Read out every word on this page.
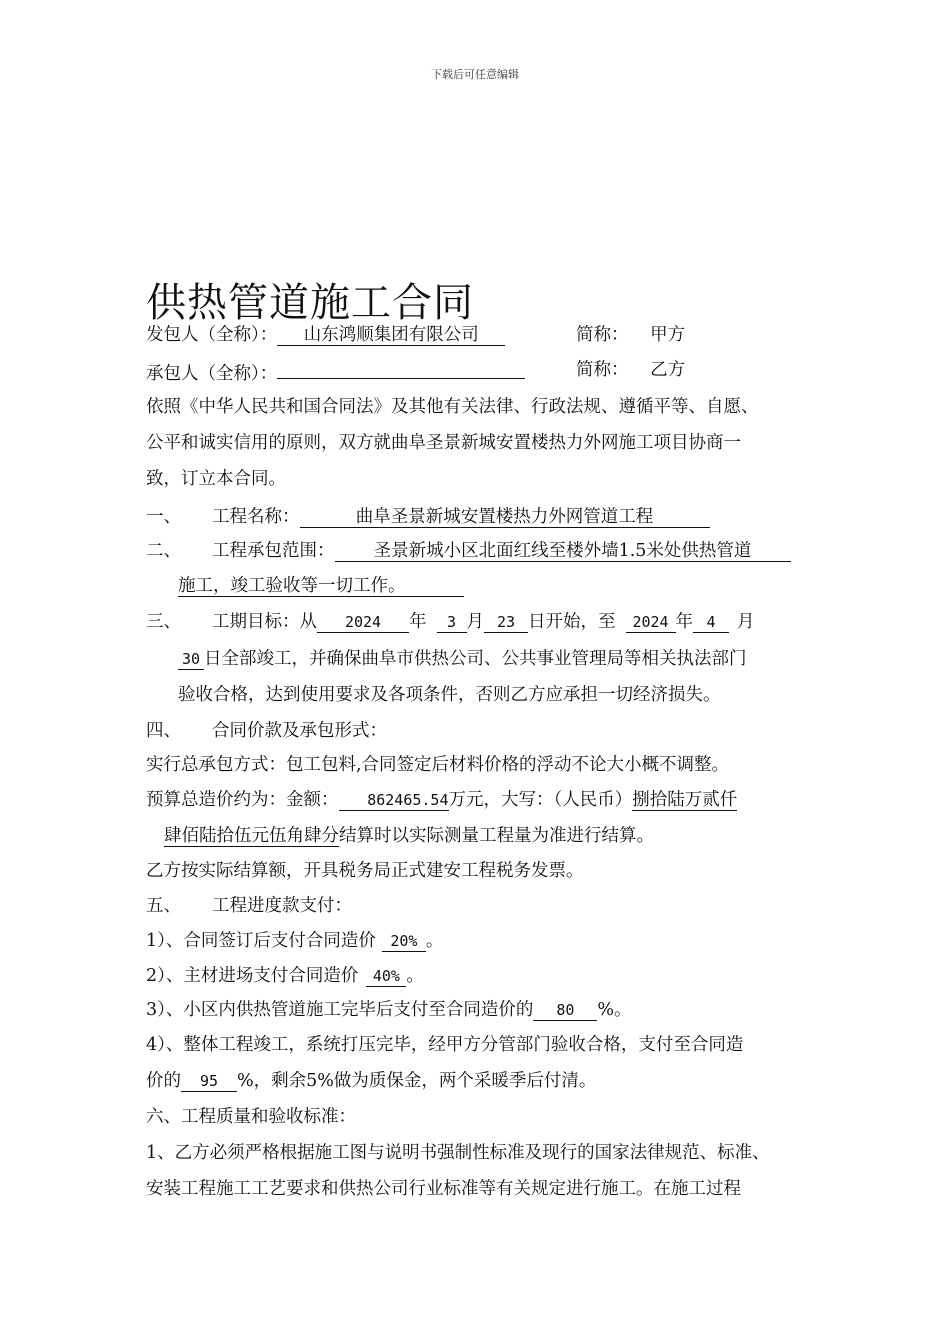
下载后可任意编辑
供热管道施工合同
发包人（全称）： 山东鸿顺集团有限公司	简称： 甲方
承包人（全称）：	简称： 乙方
依照《中华人民共和国合同法》及其他有关法律、行政法规、遵循平等、自愿、
公平和诚实信用的原则，双方就曲阜圣景新城安置楼热力外网施工项目协商一
致，订立本合同。
一、 工程名称：	曲阜圣景新城安置楼热力外网管道工程
二、 工程承包范围： 圣景新城小区北面红线至楼外墙1.5米处供热管道
施工，竣工验收等一切工作。
三、 工期目标：从 2024 年 3 月 23 日开始，至 2024 年 4 月
30 日全部竣工，并确保曲阜市供热公司、公共事业管理局等相关执法部门
验收合格，达到使用要求及各项条件，否则乙方应承担一切经济损失。
四、 合同价款及承包形式：
实行总承包方式：包工包料,合同签定后材料价格的浮动不论大小概不调整。
预算总造价约为：金额： 862465.54万元，大写：（人民币）捌拾陆万贰仟
肆佰陆拾伍元伍角肆分结算时以实际测量工程量为准进行结算。
乙方按实际结算额，开具税务局正式建安工程税务发票。
五、 工程进度款支付：
1）、合同签订后支付合同造价 20% 。
2）、主材进场支付合同造价 40% 。
3）、小区内供热管道施工完毕后支付至合同造价的 80 %。
4）、整体工程竣工，系统打压完毕，经甲方分管部门验收合格，支付至合同造
价的 95 %，剩余5%做为质保金，两个采暖季后付清。
六、工程质量和验收标准：
1、乙方必须严格根据施工图与说明书强制性标准及现行的国家法律规范、标准、
安装工程施工工艺要求和供热公司行业标准等有关规定进行施工。在施工过程
